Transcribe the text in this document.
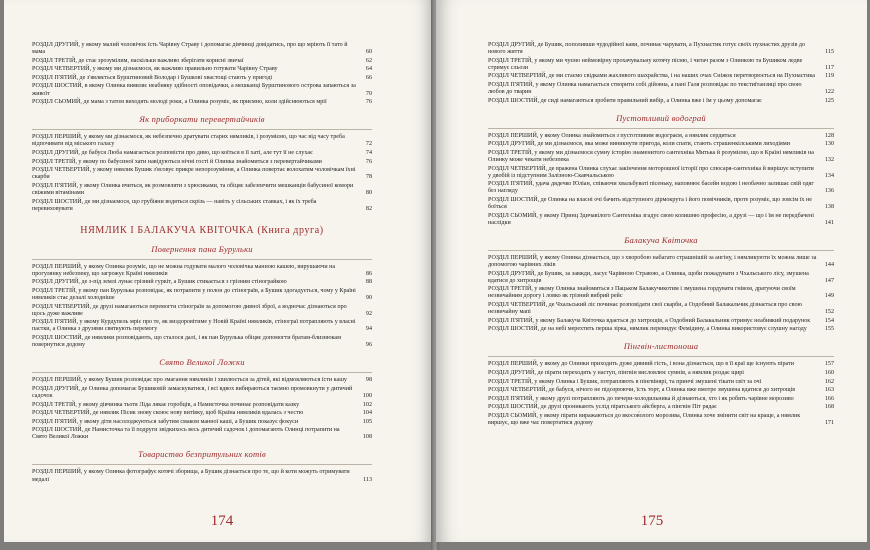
РОЗДІЛ ДРУГИЙ, у якому малий чоловічок їсть Чарівну Страву і допомагає дівчинці довідатись, про що мріють її тато й мама	60
РОЗДІЛ ТРЕТІЙ, де стає зрозумілим, наскільки важливо зберігати корисні звичаї	62
РОЗДІЛ ЧЕТВЕРТИЙ, у якому ми дізнаємося, як важливо правильно готувати Чарівну Страву	64
РОЗДІЛ П'ЯТИЙ, де з'являється Бурштиновий Володар і Бушкові хвастощі стають у пригоді	66
РОЗДІЛ ШОСТИЙ, в якому Олинка виявляє неабияку здібності оповідачки, а мешканці Бурштинового острова запаються за живоїт	70
РОЗДІЛ СЬОМИЙ, де мама з татом виходять молоді роки, а Олинка розуміє, як приємно, коли здійснюються мрії	76
Як приборкати перевертайчиків
РОЗДІЛ ПЕРШИЙ, у якому ми дізнаємося, як небезпечно дратувати старих нямликів, і розуміємо, що час від часу треба відпочивати від міського галасу	72
РОЗДІЛ ДРУГИЙ, де бабуся Люба намагається розповісти про диво, що коїться в її хаті, але тут її не слухає	74
РОЗДІЛ ТРЕТІЙ, у якому по бабусиної хати навідуються нічні гості й Олинка знайомиться з перевертайчиками	76
РОЗДІЛ ЧЕТВЕРТИЙ, у якому нямлик Бушик з'ясовує прикре непорозуміння, а Олинка повертає волохатим чоловічкам їхні скарби	78
РОЗДІЛ П'ЯТИЙ, у якому Олинка вчиться, як розмовляти з хрюсиками, та обіцяє забезпечити мешканців бабусиної комори свіжими вітамінами	80
РОЗДІЛ ШОСТИЙ, де ми дізнаємося, що грубіяни водяться скрізь — навіть у сільських ставках, і як їх треба перевиховувати	82
НЯМЛИК І БАЛАКУЧА КВІТОЧКА (Книга друга)
Повернення пана Бурульки
РОЗДІЛ ПЕРШИЙ, у якому Олинка розуміє, що не можна годувати малого чоловічка манною кашею, вирушаючи на прогулянку небезпеку, що загрожує Країні нямликів	86
РОЗДІЛ ДРУГИЙ, де з-під землі лунає грізний гуркіт, а Бушик стикається з грізним стінограйкою	88
РОЗДІЛ ТРЕТІЙ, у якому пан Бурулька розповідає, як потрапити у полон до стінограїв, а Бушик здогадується, чому у Країні нямликів стає делалі холодніше	90
РОЗДІЛ ЧЕТВЕРТИЙ, де друзі намагаються перемогти стінограїв за допомогою дивної зброї, а водночас дізнаються про щось дуже важливе	92
РОЗДІЛ П'ЯТИЙ, у якому Курдупель мріє про те, як виздоровітиме у Новій Країні нямликів, стінограї потрапляють у власні пастки, а Олинка з друзями святкують перемогу	94
РОЗДІЛ ШОСТИЙ, де нямлики розповідають, що сталося далі, і як пан Бурулька обіцяє допомогти братам-близнюкам повернутися додому	96
Свято Великої Ложки
РОЗДІЛ ПЕРШИЙ, у якому Бушик розповідає про змагання нямликів і хвилюється за дітей, які відмовляються їсти кашу	98
РОЗДІЛ ДРУГИЙ, де Олинка допомагає Бушиковій замаскуватися, і всі вдвох вибираються таємно промовкнути у дитячий садочок	100
РОЗДІЛ ТРЕТІЙ, у якому дівчинка тьотя Ліда лякає горобців, а Намисточка починає розповідати казку	102
РОЗДІЛ ЧЕТВЕРТИЙ, де нямлик Пісик знову скоює нову витівку, щоб Країна нямликів вдалась з честю	104
РОЗДІЛ П'ЯТИЙ, у якому діти насолоджуються забутим смаком манної каші, а Бушик показує фокуси	105
РОЗДІЛ ШОСТИЙ, де Намисточка та її подруги звідкихось весь дитячий садочок і допомагають Олинці потрапити на Свято Великої Ложки	108
Товариство безпритульних котів
РОЗДІЛ ПЕРШИЙ, у якому Олинка фотографує котячі зборища, а Бушик дізнається про те, що й коти можуть отримувати медалі	113
174
РОЗДІЛ ДРУГИЙ, де Бушик, пополивши чудодійної кави, починає чарувати, а Пухнастик готує своїх пухнастих друзів до нового життя	115
РОЗДІЛ ТРЕТІЙ, у якому ми чуємо неймовірну прохачувальну котячу пісню, і читач разом з Олинкою та Бушиком ледве стримує сльози	117
РОЗДІЛ ЧЕТВЕРТИЙ, де ми стаємо свідками жахливого шахрайства, і на наших очах Сніжок перетворюється на Пухнастика	119
РОЗДІЛ П'ЯТИЙ, у якому Олинка намагається створити собі дійовна, а пані Галя розповідає по текстиїтанзиці про свою любов до тварин	122
РОЗДІЛ ШОСТИЙ, де сиді намагаються зробити правильний вибір, а Олинка вже і їм у цьому допомагає	125
Пустотливий водограй
РОЗДІЛ ПЕРШИЙ, у якому Олинка знайомиться з пустотливим водограєм, а нямлик сердиться	128
РОЗДІЛ ДРУГИЙ, де ми дізнаємося, яка може виникнути пригода, коли спати, стають страшенкілськими лиходіями	130
РОЗДІЛ ТРЕТІЙ, у якому ми дізнаємося сумну історію знаменитого сантехніка Митька й розуміємо, що в Країні нямликів на Олинку може чекати небезпека	132
РОЗДІЛ ЧЕТВЕРТИЙ, де вражена Олинка слухає закінчення моторошної історії про слюсаря-сантехніка й вирішує вступити у двобій із підступним Залізною-Скавчальською	134
РОЗДІЛ П'ЯТИЙ, удача дядечко Юліан, співаючи хвальбуваті пісеньку, наповнює басейн водою і необачно залишає свій одяг без нагляду	136
РОЗДІЛ ШОСТИЙ, де Олинка на власні очі бачить відступного дірмокрута і його помічників, проте розуміє, що зовсім їх не боїться	138
РОЗДІЛ СЬОМИЙ, у якому Принц Здичавілого Сантехніка згадує свою колишню професію, а друзі — що і їм не передбачені наслідки	141
Балакуча Квіточка
РОЗДІЛ ПЕРШИЙ, у якому Олинка дізнається, що з хворобою набагато страшнішій за ангіну, і нямликуюти їх можна лише за допомогою чарівних ліків	144
РОЗДІЛ ДРУГИЙ, де Бушик, за завжди, ласує Чарівною Стравою, а Олинка, щоби пожадувати з Чхальського лісу, змушена вдатися до хитрощів	147
РОЗДІЛ ТРЕТІЙ, у якому Олинка знайомиться з Пацьком Балакучикотим і змушена гордувати гнівом, дратуючи своїм незвичайним дорогу і ловко як грізний вибрий рейс	149
РОЗДІЛ ЧЕТВЕРТИЙ, де Чхальський ліс починає розповідати свої скарби, а Оздобний Балакальчик дізнається про свою незвичайну мапі	152
РОЗДІЛ П'ЯТИЙ, у якому Балакуча Квіточка вдається до хитрощів, а Оздобний Балакальник отримує неабиякий подарунок	154
РОЗДІЛ ШОСТИЙ, де на небі мерехтить перша зірка, нямлик перевидує Фемідину, а Олинка використовує слушну нагоду	155
Пінгвін-листоноша
РОЗДІЛ ПЕРШИЙ, у якому до Олинки приходить дуже дивний гість, і вона дізнається, що в її краї ще існують пірати	157
РОЗДІЛ ДРУГИЙ, де пірати переходять у наступ, пінгвін висловлює сумнів, а нямлик роздає щирі	160
РОЗДІЛ ТРЕТІЙ, у якому Олинка і Бушик, потрапляють в пінгвінярі, та принчі змушені тікати світ за очі	162
РОЗДІЛ ЧЕТВЕРТИЙ, де бабуся, нічого не підозрюючи, їсть торт, а Олинка вже вмотре змушена вдатися до хитрощів	163
РОЗДІЛ П'ЯТИЙ, у якому друзі потрапляють до печери-холодильника й дізнаються, хто і як робить чарівне морозиво	166
РОЗДІЛ ШОСТИЙ, де друзі проникають услід піратського айсберга, а пінгвін Піт рядає	168
РОЗДІЛ СЬОМИЙ, у якому пірати виражаються до вкосов́олого морозива, Олинка хоче змінити світ на краще, а нямлик виршує, що вже час повертатися додому	171
175
